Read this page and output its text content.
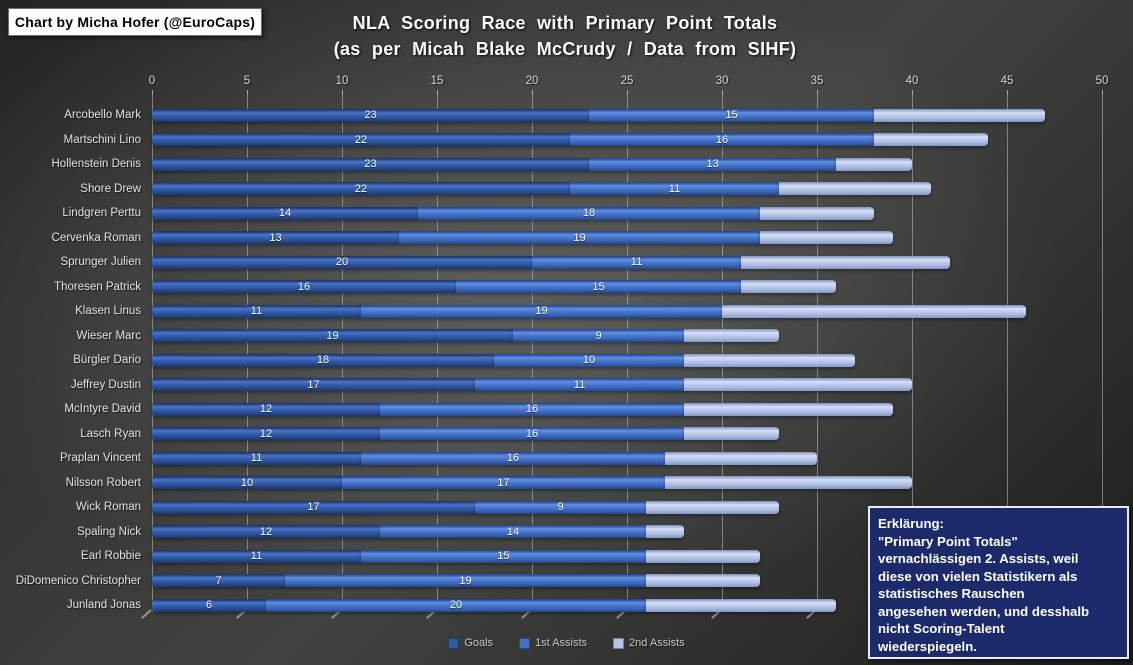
Chart by Micha Hofer (@EuroCaps)	NLA Scoring Race with Primary Point Totals
(as per Micah Blake McCrudy / Data from SIHF)
0	5	10	15	20	25	30	35	40	45	50
Arcobello Mark	23	15
Martschini Lino	22	16
Hollenstein Denis	23	13
Shore Drew	22	11
Lindgren Perttu	14	18
Cervenka Roman	13	19
Sprunger Julien	20	11
Thoresen Patrick	16	15
Klasen Linus	11	19
Wieser Marc	19	9
Bürgler Dario	18	10
Jeffrey Dustin	17	11
McIntyre David	12	16
Lasch Ryan	12	16
Praplan Vincent	11	16
Nilsson Robert	10	17
Wick Roman	17	9
Spaling Nick	12	14
Earl Robbie	11	15
DiDomenico Christopher	7	19
Junland Jonas	6	20
Goals	1st Assists	2nd Assists
Erklärung:
"Primary Point Totals"
vernachlässigen 2. Assists, weil
diese von vielen Statistikern als
statistisches Rauschen
angesehen werden, und desshalb
nicht Scoring-Talent
wiederspiegeln.
